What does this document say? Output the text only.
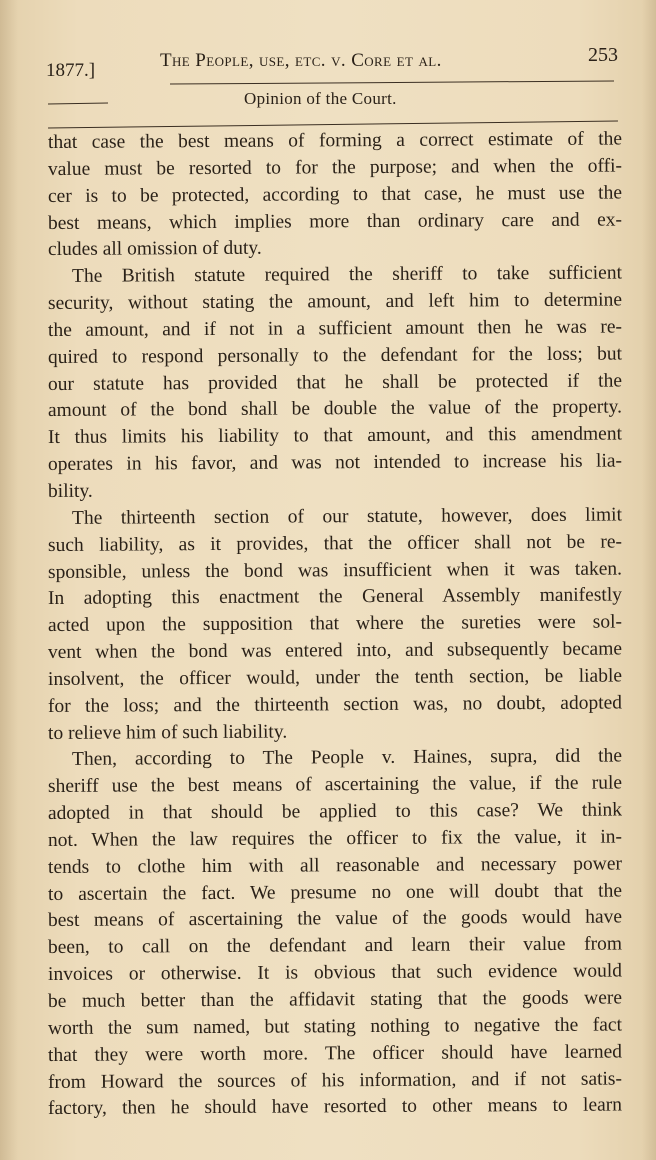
1877.]	The People, use, etc. v. Core et al.	253
Opinion of the Court.
that case the best means of forming a correct estimate of the
value must be resorted to for the purpose; and when the offi-
cer is to be protected, according to that case, he must use the
best means, which implies more than ordinary care and ex-
cludes all omission of duty.
The British statute required the sheriff to take sufficient
security, without stating the amount, and left him to determine
the amount, and if not in a sufficient amount then he was re-
quired to respond personally to the defendant for the loss; but
our statute has provided that he shall be protected if the
amount of the bond shall be double the value of the property.
It thus limits his liability to that amount, and this amendment
operates in his favor, and was not intended to increase his lia-
bility.
The thirteenth section of our statute, however, does limit
such liability, as it provides, that the officer shall not be re-
sponsible, unless the bond was insufficient when it was taken.
In adopting this enactment the General Assembly manifestly
acted upon the supposition that where the sureties were sol-
vent when the bond was entered into, and subsequently became
insolvent, the officer would, under the tenth section, be liable
for the loss; and the thirteenth section was, no doubt, adopted
to relieve him of such liability.
Then, according to The People v. Haines, supra, did the
sheriff use the best means of ascertaining the value, if the rule
adopted in that should be applied to this case? We think
not. When the law requires the officer to fix the value, it in-
tends to clothe him with all reasonable and necessary power
to ascertain the fact. We presume no one will doubt that the
best means of ascertaining the value of the goods would have
been, to call on the defendant and learn their value from
invoices or otherwise. It is obvious that such evidence would
be much better than the affidavit stating that the goods were
worth the sum named, but stating nothing to negative the fact
that they were worth more. The officer should have learned
from Howard the sources of his information, and if not satis-
factory, then he should have resorted to other means to learn
